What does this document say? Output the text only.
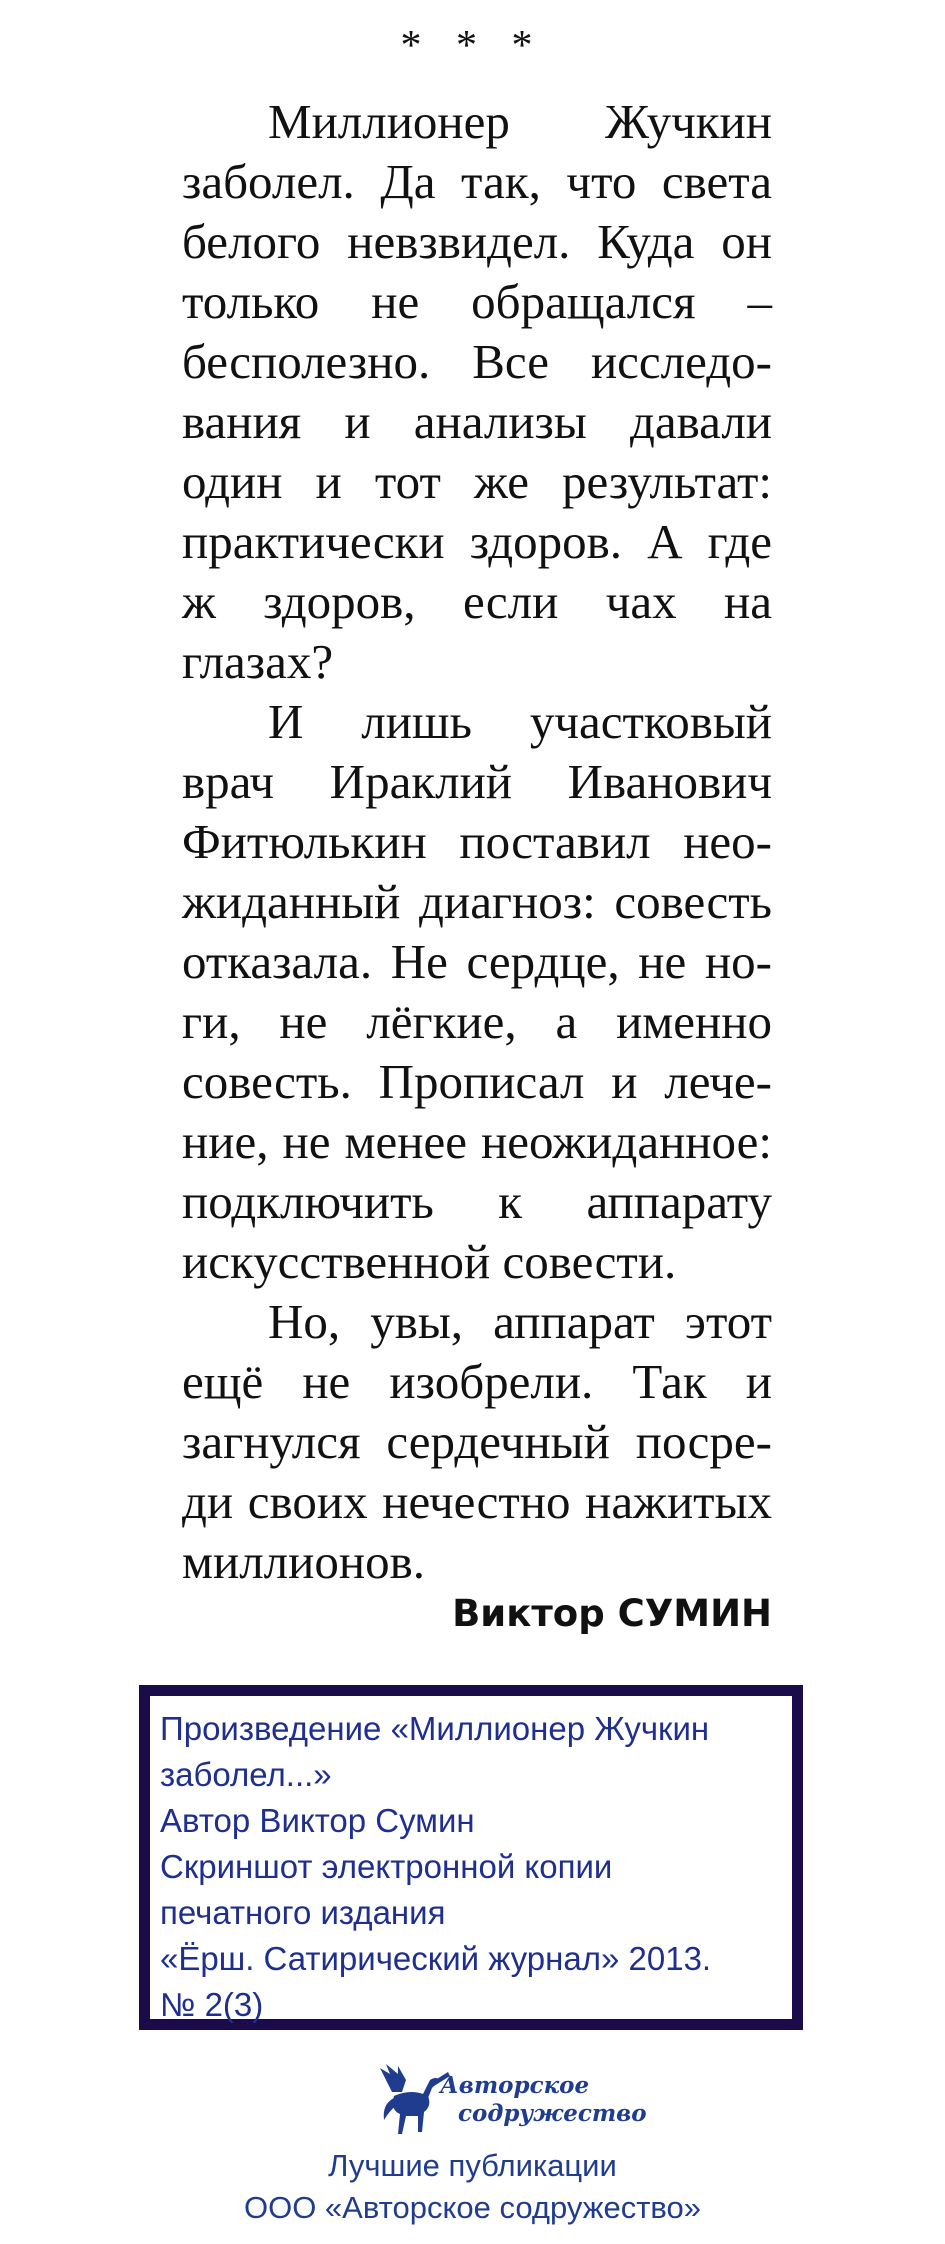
* * *

Миллионер Жучкин заболел. Да так, что света белого невзвидел. Куда он только не обращался – бесполезно. Все исследования и анализы давали один и тот же результат: практически здоров. А где ж здоров, если чах на глазах?

И лишь участковый врач Ираклий Иванович Фитюлькин поставил неожиданный диагноз: совесть отказала. Не сердце, не ноги, не лёгкие, а именно совесть. Прописал и лечение, не менее неожиданное: подключить к аппарату искусственной совести.

Но, увы, аппарат этот ещё не изобрели. Так и загнулся сердечный посреди своих нечестно нажитых миллионов.

Виктор СУМИН
Произведение «Миллионер Жучкин
заболел...»
Автор Виктор Сумин
Скриншот электронной копии
печатного издания
«Ёрш. Сатирический журнал» 2013.
№ 2(3)
Авторское
содружество
Лучшие публикации
ООО «Авторское содружество»
